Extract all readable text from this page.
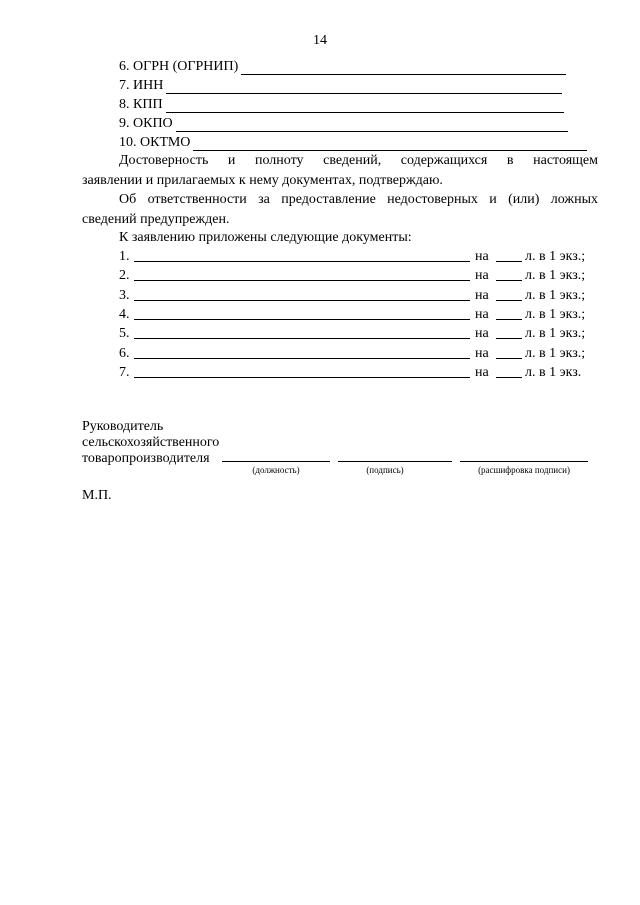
14
6. ОГРН (ОГРНИП)
7. ИНН
8. КПП
9. ОКПО
10. ОКТМО
Достоверность и полноту сведений, содержащихся в настоящем
заявлении и прилагаемых к нему документах, подтверждаю.
Об ответственности за предоставление недостоверных и (или) ложных
сведений предупрежден.
К заявлению приложены следующие документы:
1.	на	л. в 1 экз.;
2.	на	л. в 1 экз.;
3.	на	л. в 1 экз.;
4.	на	л. в 1 экз.;
5.	на	л. в 1 экз.;
6.	на	л. в 1 экз.;
7.	на	л. в 1 экз.
Руководитель
сельскохозяйственного
товаропроизводителя
(должность)	(подпись)	(расшифровка подписи)
М.П.
